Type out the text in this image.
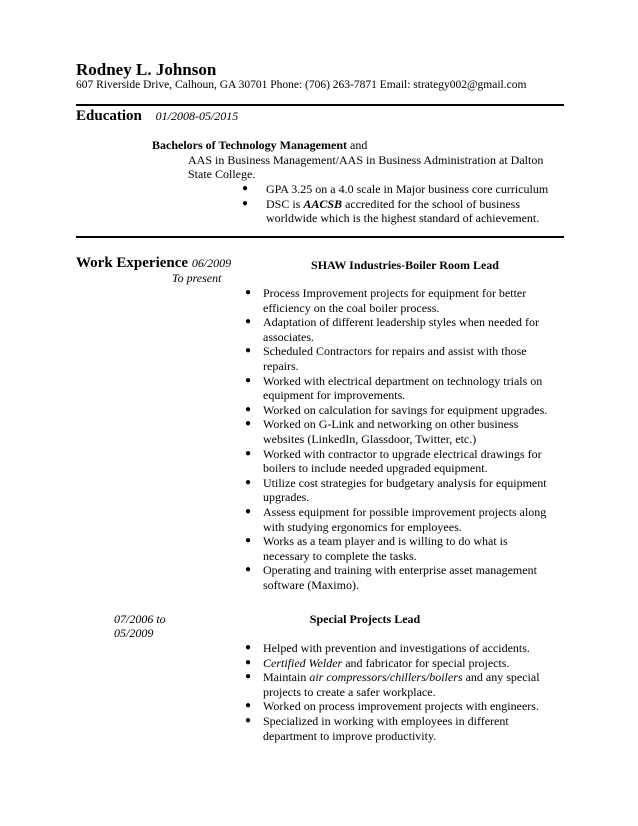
Rodney L. Johnson
607 Riverside Drive, Calhoun, GA 30701 Phone: (706) 263-7871 Email: strategy002@gmail.com
Education 01/2008-05/2015
Bachelors of Technology Management and
AAS in Business Management/AAS in Business Administration at Dalton
State College.
● GPA 3.25 on a 4.0 scale in Major business core curriculum
● DSC is AACSB accredited for the school of business
worldwide which is the highest standard of achievement.
Work Experience 06/2009
To present
SHAW Industries-Boiler Room Lead
● Process Improvement projects for equipment for better
efficiency on the coal boiler process.
● Adaptation of different leadership styles when needed for
associates.
● Scheduled Contractors for repairs and assist with those
repairs.
● Worked with electrical department on technology trials on
equipment for improvements.
● Worked on calculation for savings for equipment upgrades.
● Worked on G-Link and networking on other business
websites (LinkedIn, Glassdoor, Twitter, etc.)
● Worked with contractor to upgrade electrical drawings for
boilers to include needed upgraded equipment.
● Utilize cost strategies for budgetary analysis for equipment
upgrades.
● Assess equipment for possible improvement projects along
with studying ergonomics for employees.
● Works as a team player and is willing to do what is
necessary to complete the tasks.
● Operating and training with enterprise asset management
software (Maximo).
07/2006 to
05/2009
Special Projects Lead
● Helped with prevention and investigations of accidents.
● Certified Welder and fabricator for special projects.
● Maintain air compressors/chillers/boilers and any special
projects to create a safer workplace.
● Worked on process improvement projects with engineers.
● Specialized in working with employees in different
department to improve productivity.
